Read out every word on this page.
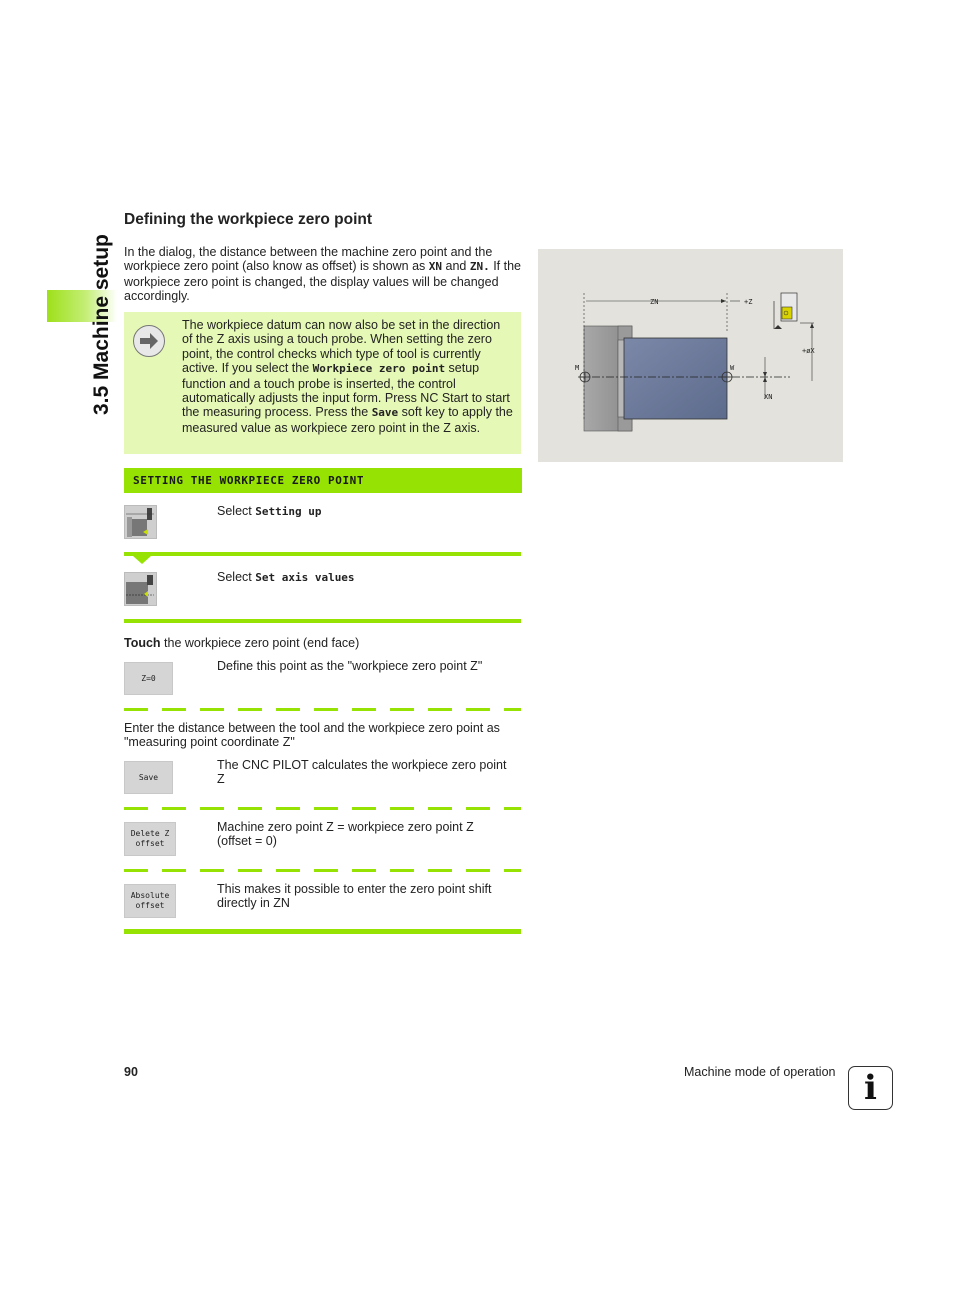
3.5 Machine setup
Defining the workpiece zero point
In the dialog, the distance between the machine zero point and the workpiece zero point (also know as offset) is shown as XN and ZN. If the workpiece zero point is changed, the display values will be changed accordingly.
The workpiece datum can now also be set in the direction of the Z axis using a touch probe. When setting the zero point, the control checks which type of tool is currently active. If you select the Workpiece zero point setup function and a touch probe is inserted, the control automatically adjusts the input form. Press NC Start to start the measuring process. Press the Save soft key to apply the measured value as workpiece zero point in the Z axis.
SETTING THE WORKPIECE ZERO POINT
Select Setting up
Select Set axis values
Touch the workpiece zero point (end face)
Z=0
Define this point as the "workpiece zero point Z"
Enter the distance between the tool and the workpiece zero point as "measuring point coordinate Z"
Save
The CNC PILOT calculates the workpiece zero point Z
Delete Z
offset
Machine zero point Z = workpiece zero point Z (offset = 0)
Absolute
offset
This makes it possible to enter the zero point shift directly in ZN
M	W
ZN	+Z
+øX
XN
90	Machine mode of operation i
